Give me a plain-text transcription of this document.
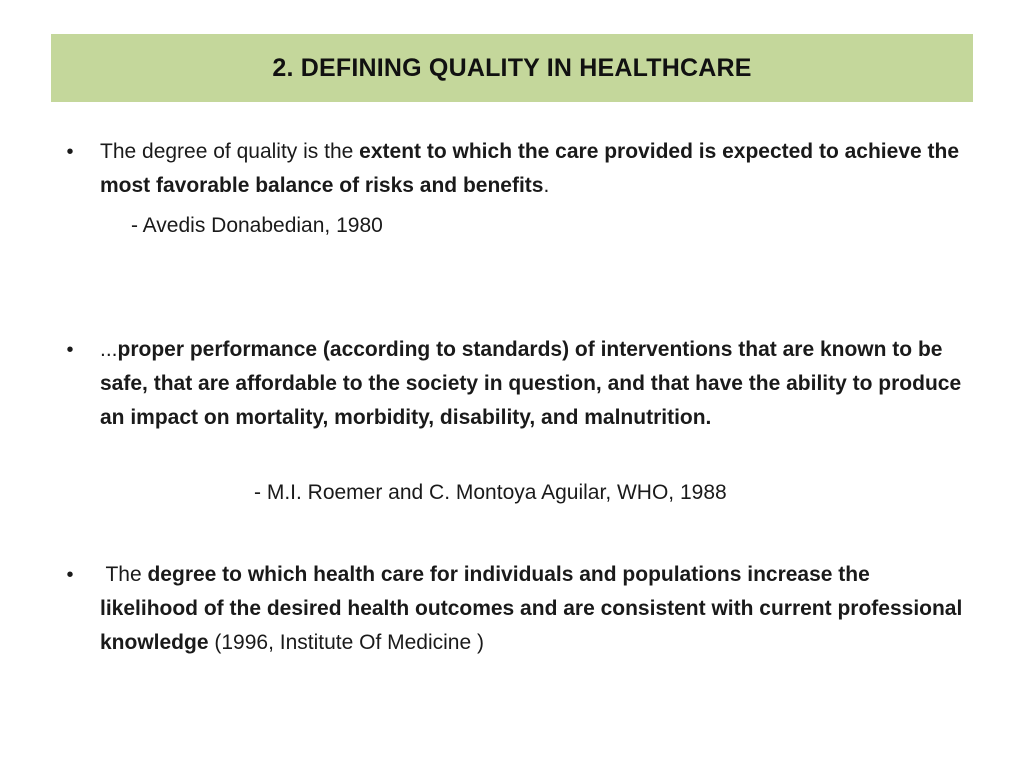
2. DEFINING QUALITY IN HEALTHCARE
•	The degree of quality is the extent to which the care provided is expected to achieve the most favorable balance of risks and benefits.
- Avedis Donabedian, 1980
•	...proper performance (according to standards) of interventions that are known to be safe, that are affordable to the society in question, and that have the ability to produce an impact on mortality, morbidity, disability, and malnutrition.
- M.I. Roemer and C. Montoya Aguilar, WHO, 1988
•	The degree to which health care for individuals and populations increase the likelihood of the desired health outcomes and are consistent with current professional knowledge (1996, Institute Of Medicine )
